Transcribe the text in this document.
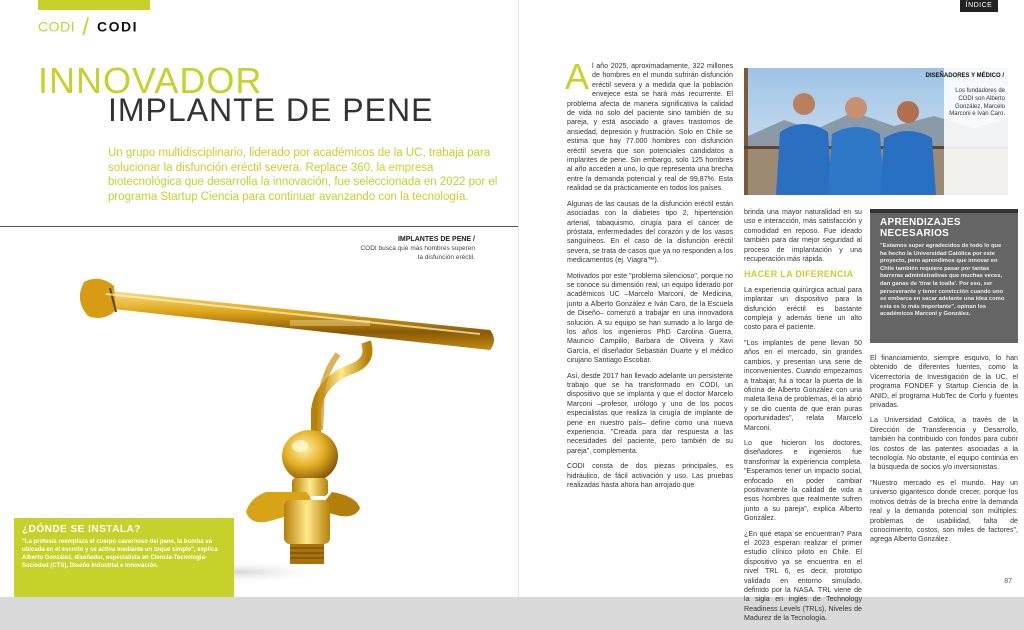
CODI / CODI
INNOVADOR
IMPLANTE DE PENE
Un grupo multidisciplinario, liderado por académicos de la UC, trabaja para solucionar la disfunción eréctil severa. Replace 360, la empresa biotecnológica que desarrolla la innovación, fue seleccionada en 2022 por el programa Startup Ciencia para continuar avanzando con la tecnología.
IMPLANTES DE PENE /
CODI busca que más hombres superen la disfunción eréctil.
¿DÓNDE SE INSTALA?
"La prótesis reemplaza el cuerpo cavernoso del pene, la bomba va ubicada en el escroto y se activa mediante un toque simple", explica Alberto González, diseñador, especialista en Ciencia-Tecnología-Sociedad (CTS), Diseño Industrial e Innovación.
ÍNDICE

A l año 2025, aproximadamente, 322 millones de hombres en el mundo sufrirán disfunción eréctil severa y a medida que la población envejece esta se hará más recurrente. El problema afecta de manera significativa la calidad de vida no solo del paciente sino también de su pareja, y está asociado a graves trastornos de ansiedad, depresión y frustración. Solo en Chile se estima que hay 77.000 hombres con disfunción eréctil severa que son potenciales candidatos a implantes de pene. Sin embargo, solo 125 hombres al año acceden a uno, lo que representa una brecha entre la demanda potencial y real de 99,87%. Esta realidad se da prácticamente en todos los países.

Algunas de las causas de la disfunción eréctil están asociadas con la diabetes tipo 2, hipertensión arterial, tabaquismo, cirugía para el cáncer de próstata, enfermedades del corazón y de los vasos sanguíneos. En el caso de la disfunción eréctil severa, se trata de casos que ya no responden a los medicamentos (ej. Viagra™).

Motivados por este "problema silencioso", porque no se conoce su dimensión real, un equipo liderado por académicos UC –Marcelo Marconi, de Medicina, junto a Alberto González e Iván Caro, de la Escuela de Diseño– comenzó a trabajar en una innovadora solución. A su equipo se han sumado a lo largo de los años los ingenieros PhD Carolina Guerra, Mauricio Campillo, Barbara de Oliveira y Xavi García, el diseñador Sebastián Duarte y el médico cirujano Santiago Escobar.

Así, desde 2017 han llevado adelante un persistente trabajo que se ha transformado en CODI, un dispositivo que se implanta y que el doctor Marcelo Marconi –profesor, urólogo y uno de los pocos especialistas que realiza la cirugía de implante de pene en nuestro país– define como una nueva experiencia. "Creada para dar respuesta a las necesidades del paciente, pero también de su pareja", complementa.

CODI consta de dos piezas principales, es hidráulico, de fácil activación y uso. Las pruebas realizadas hasta ahora han arrojado que

DISEÑADORES Y MÉDICO /
Los fundadores de CODI son Alberto González, Marcelo Marconi e Iván Caro.

brinda una mayor naturalidad en su uso e interacción, más satisfacción y comodidad en reposo. Fue ideado también para dar mejor seguridad al proceso de implantación y una recuperación más rápida.

HACER LA DIFERENCIA

La experiencia quirúrgica actual para implantar un dispositivo para la disfunción eréctil es bastante compleja y además tiene un alto costo para el paciente.

"Los implantes de pene llevan 50 años en el mercado, sin grandes cambios, y presentan una serie de inconvenientes. Cuando empezamos a trabajar, fui a tocar la puerta de la oficina de Alberto González con una maleta llena de problemas, él la abrió y se dio cuenta de que eran puras oportunidades", relata Marcelo Marconi.

Lo que hicieron los doctores, diseñadores e ingenieros fue transformar la experiencia completa. "Esperamos tener un impacto social, enfocado en poder cambiar positivamente la calidad de vida a esos hombres que realmente sufren junto a su pareja", explica Alberto González.

¿En qué etapa se encuentran? Para el 2023 esperan realizar el primer estudio clínico piloto en Chile. El dispositivo ya se encuentra en el nivel TRL 6, es decir, prototipo validado en entorno simulado, definido por la NASA. TRL viene de la sigla en inglés de Technology Readiness Levels (TRLs), Niveles de Madurez de la Tecnología.

APRENDIZAJES NECESARIOS
"Estamos super agradecidos de todo lo que ha hecho la Universidad Católica por este proyecto, pero aprendimos que innovar en Chile también requiere pasar por tantas barreras administrativas que muchas veces, dan ganas de 'tirar la toalla'. Por eso, ser perseverante y tener convicción cuando uno se embarca en sacar adelante una idea como esta es lo más importante", opinan los académicos Marconi y González.

El financiamiento, siempre esquivo, lo han obtenido de diferentes fuentes, como la Vicerrectoría de Investigación de la UC, el programa FONDEF y Startup Ciencia de la ANID, el programa HubTec de Corfo y fuentes privadas.

La Universidad Católica, a través de la Dirección de Transferencia y Desarrollo, también ha contribuido con fondos para cubrir los costos de las patentes asociadas a la tecnología. No obstante, el equipo continúa en la búsqueda de socios y/o inversionistas.

"Nuestro mercado es el mundo. Hay un universo gigantesco donde crecer, porque los motivos detrás de la brecha entre la demanda real y la demanda potencial son múltiples: problemas de usabilidad, falta de conocimiento, costos, son miles de factores", agrega Alberto González.

87
